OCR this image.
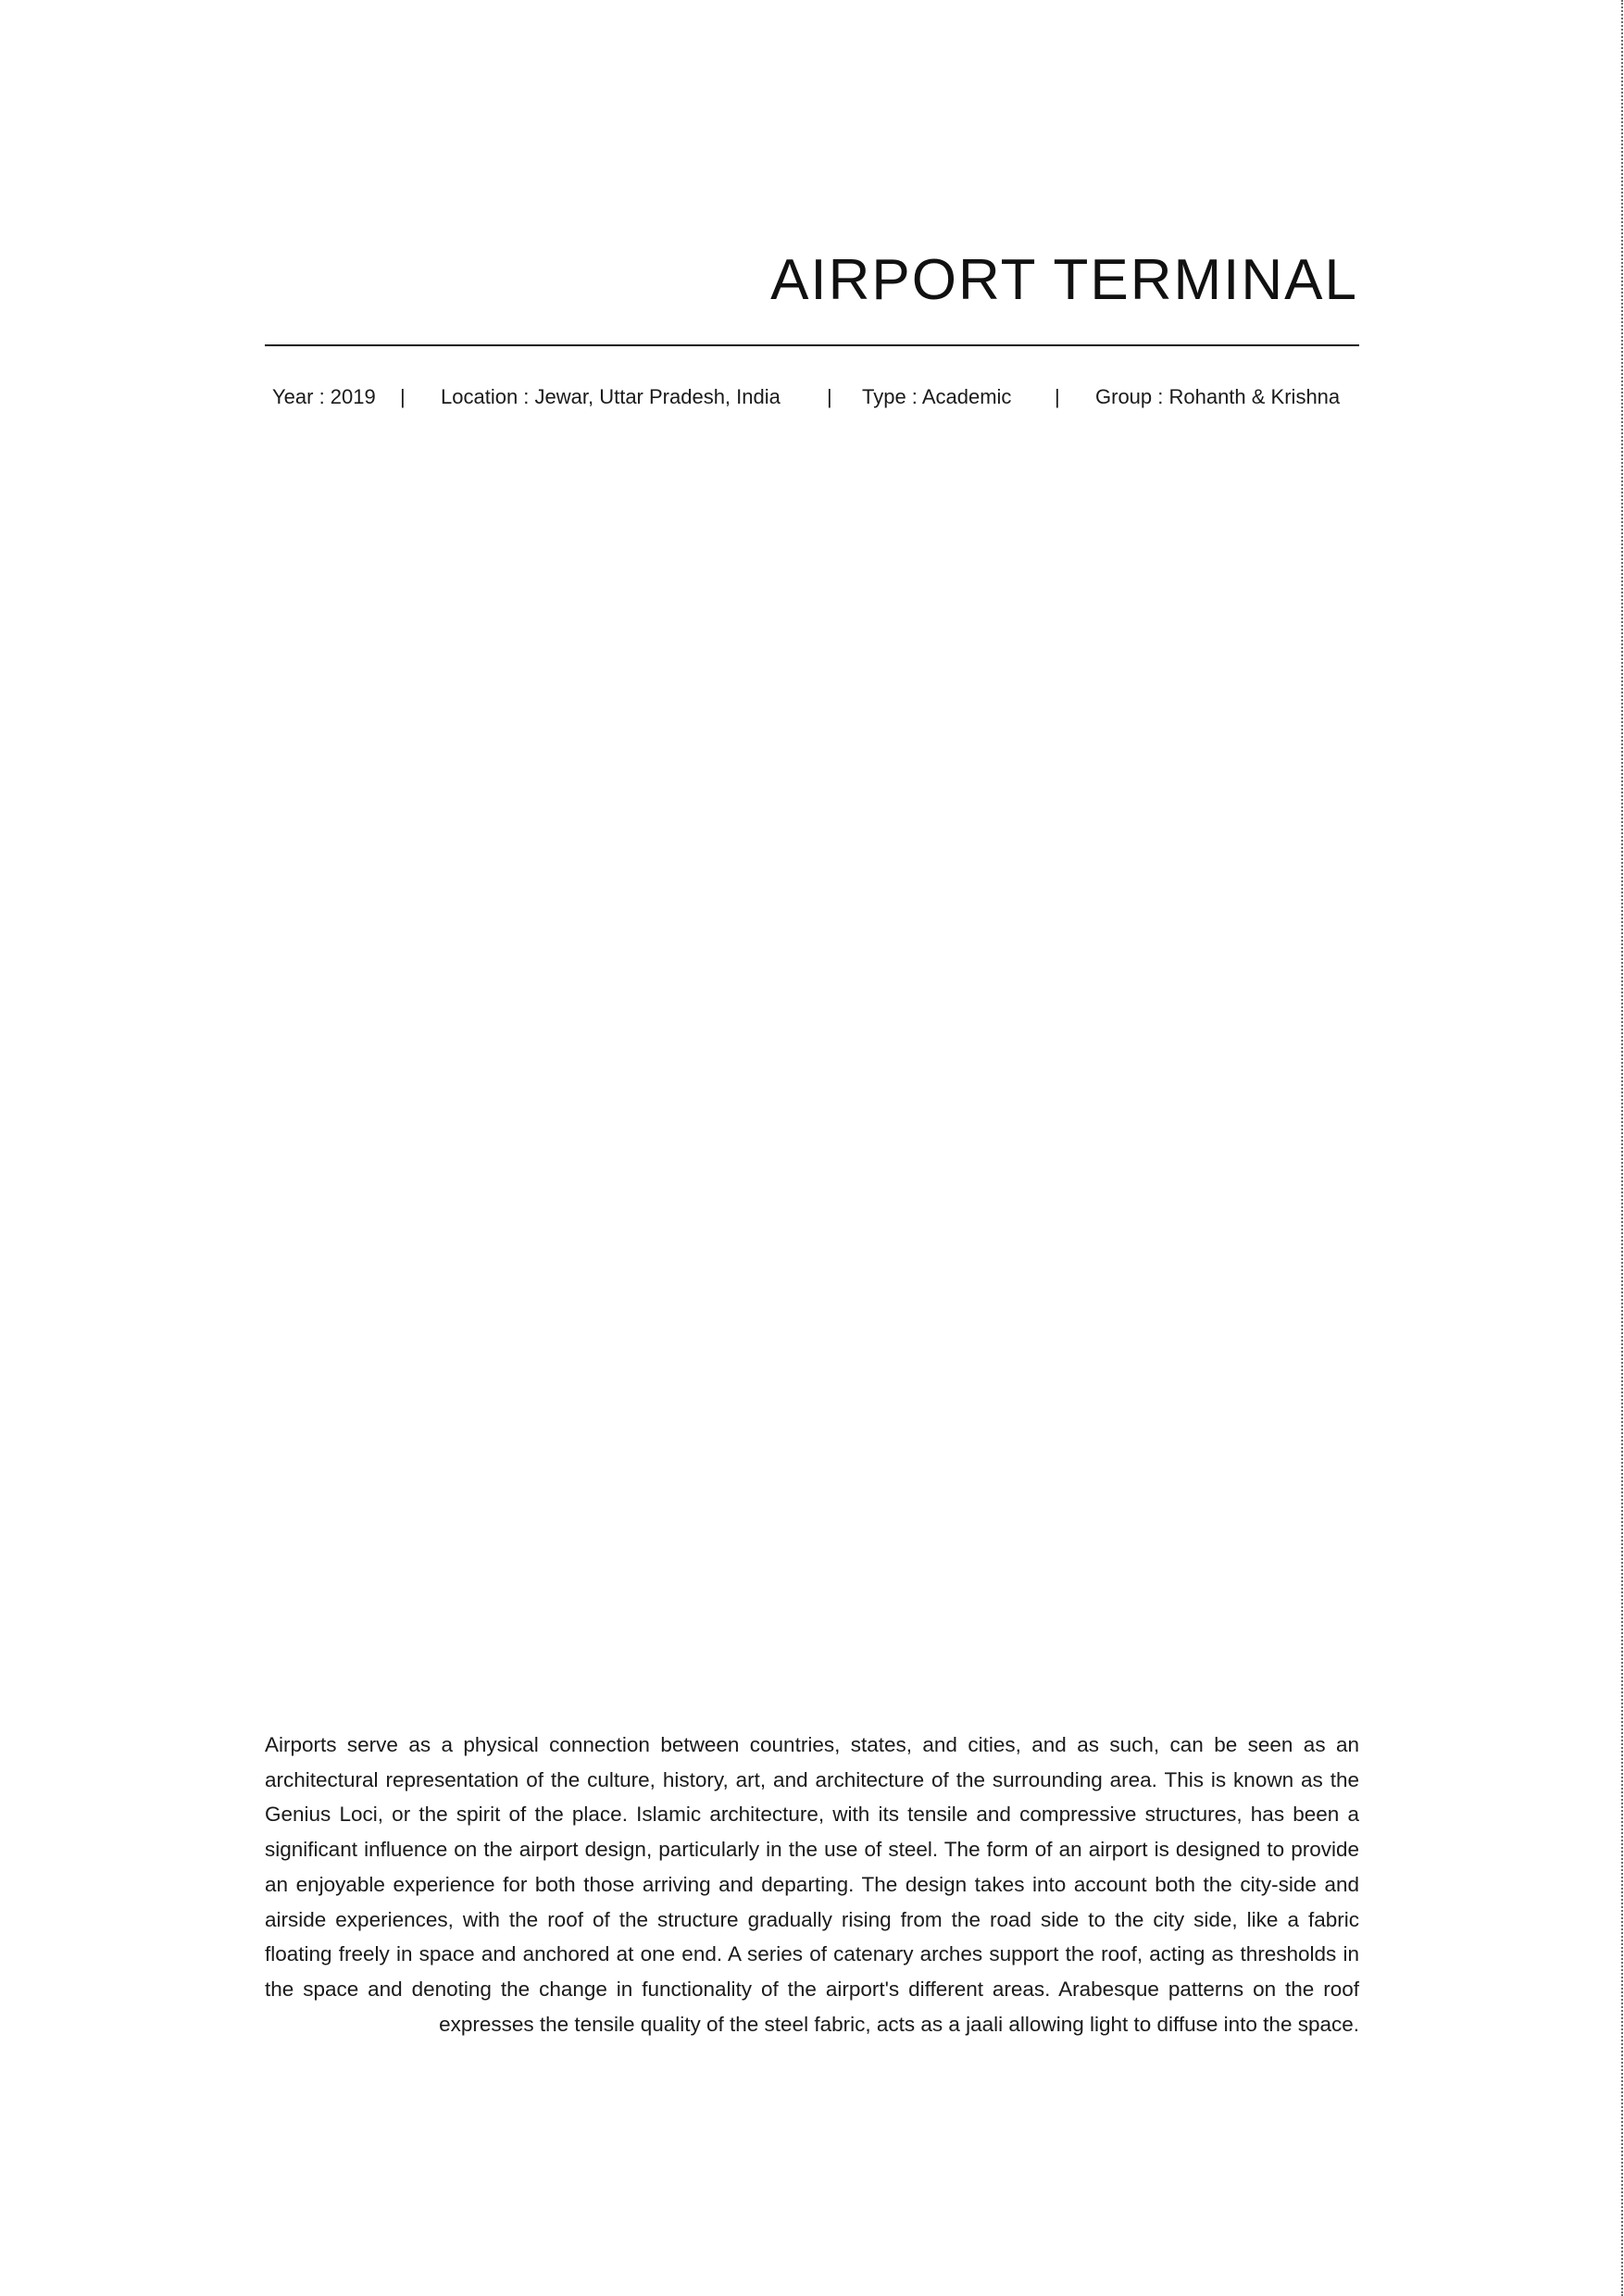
AIRPORT TERMINAL
Year : 2019 | Location : Jewar, Uttar Pradesh, India | Type : Academic | Group : Rohanth & Krishna

Airports serve as a physical connection between countries, states, and cities, and as such, can be seen as an architectural representation of the culture, history, art, and architecture of the surrounding area. This is known as the Genius Loci, or the spirit of the place. Islamic architecture, with its tensile and compressive structures, has been a significant influence on the airport design, particularly in the use of steel. The form of an airport is designed to provide an enjoyable experience for both those arriving and departing. The design takes into account both the city-side and airside experiences, with the roof of the structure gradually rising from the road side to the city side, like a fabric floating freely in space and anchored at one end. A series of catenary arches support the roof, acting as thresholds in the space and denoting the change in functionality of the airport's different areas. Arabesque patterns on the roof expresses the tensile quality of the steel fabric, acts as a jaali allowing light to diffuse into the space.
